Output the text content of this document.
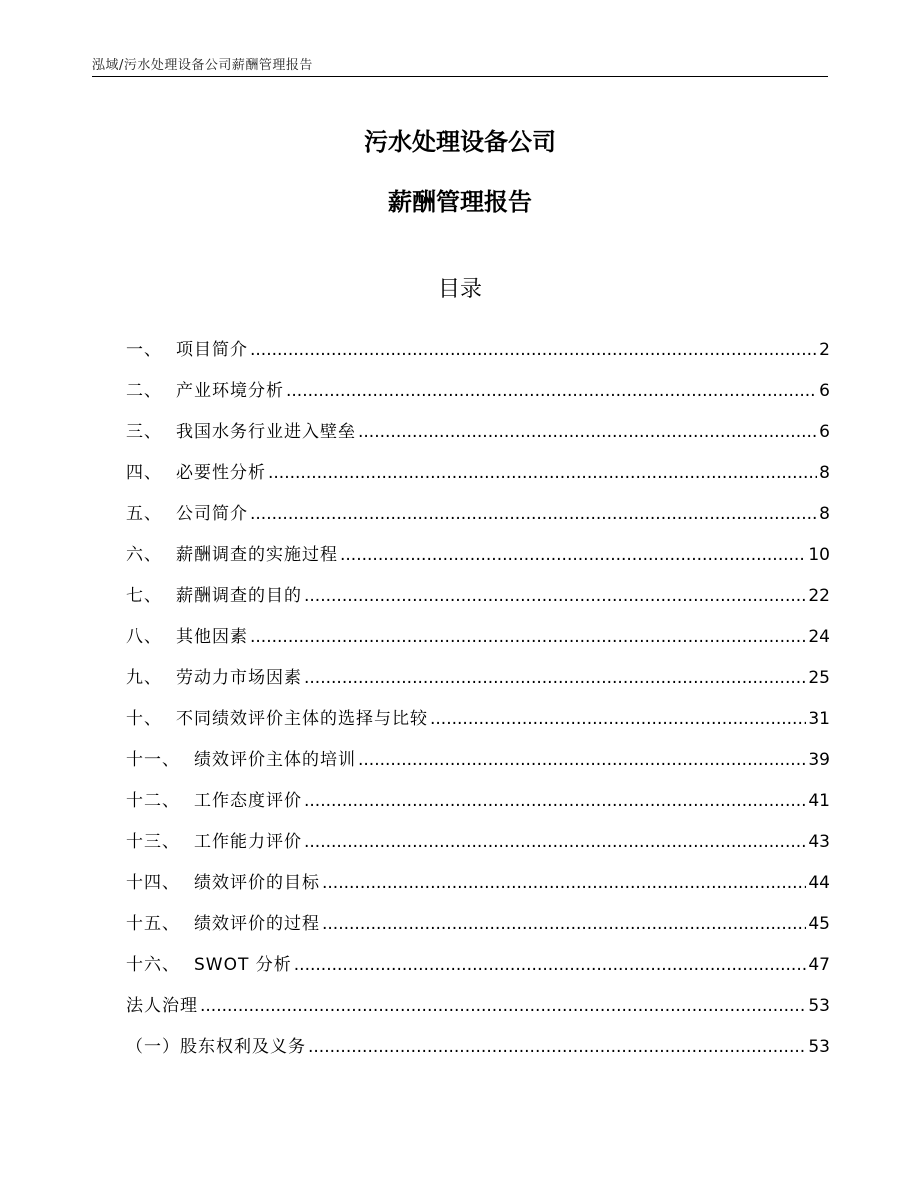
泓域/污水处理设备公司薪酬管理报告
污水处理设备公司
薪酬管理报告
目录
一 、 项目简介 .....	2
二 、 产业环境分析 .....	6
三 、 我国水务行业进入壁垒 .....	6
四 、 必要性分析 .....	8
五 、 公司简介 .....	8
六 、 薪酬调查的实施过程 .....	10
七 、 薪酬调查的目的 .....	22
八 、 其他因素 .....	24
九 、 劳动力市场因素 .....	25
十 、 不同绩效评价主体的选择与比较 .....	31
十一 、 绩效评价主体的培训 .....	39
十二 、 工作态度评价 .....	41
十三 、 工作能力评价 .....	43
十四 、 绩效评价的目标 .....	44
十五 、 绩效评价的过程 .....	45
十六 、 SWOT 分析 .....	47
法人治理 .....	53
（一） 股东权利及义务 .....	53
